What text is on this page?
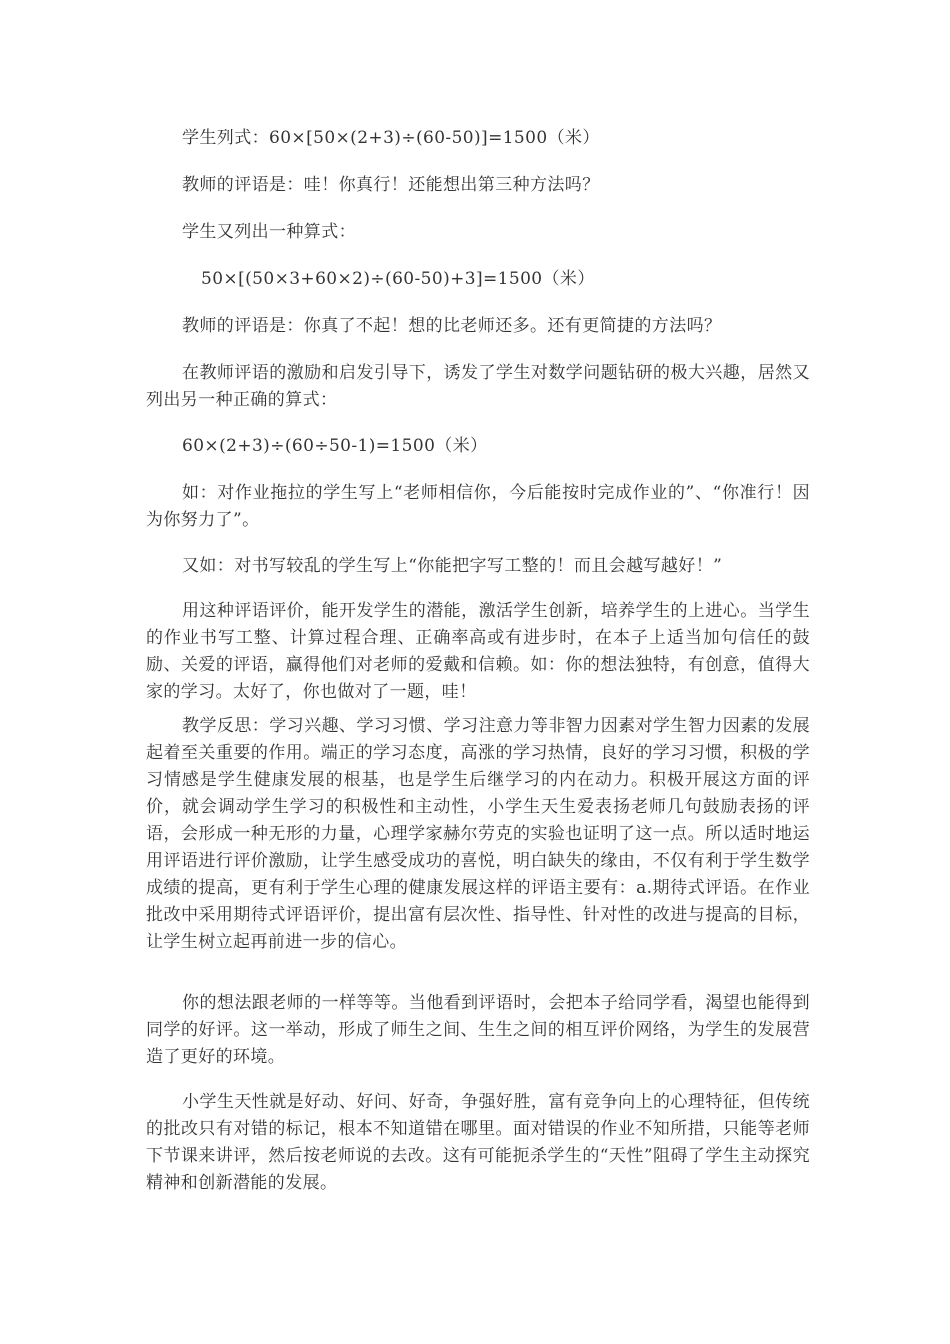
学生列式：60×[50×(2+3)÷(60-50)]=1500（米）

教师的评语是：哇！你真行！还能想出第三种方法吗？

学生又列出一种算式：

50×[(50×3+60×2)÷(60-50)+3]=1500（米）

教师的评语是：你真了不起！想的比老师还多。还有更简捷的方法吗？

在教师评语的激励和启发引导下，诱发了学生对数学问题钻研的极大兴趣，居然又列出另一种正确的算式：

60×(2+3)÷(60÷50-1)=1500（米）

如：对作业拖拉的学生写上“老师相信你，今后能按时完成作业的”、“你准行！因为你努力了”。

又如：对书写较乱的学生写上“你能把字写工整的！而且会越写越好！”

用这种评语评价，能开发学生的潜能，激活学生创新，培养学生的上进心。当学生的作业书写工整、计算过程合理、正确率高或有进步时，在本子上适当加句信任的鼓励、关爱的评语，赢得他们对老师的爱戴和信赖。如：你的想法独特，有创意，值得大家的学习。太好了，你也做对了一题，哇！

教学反思：学习兴趣、学习习惯、学习注意力等非智力因素对学生智力因素的发展起着至关重要的作用。端正的学习态度，高涨的学习热情，良好的学习习惯，积极的学习情感是学生健康发展的根基，也是学生后继学习的内在动力。积极开展这方面的评价，就会调动学生学习的积极性和主动性，小学生天生爱表扬老师几句鼓励表扬的评语，会形成一种无形的力量，心理学家赫尔劳克的实验也证明了这一点。所以适时地运用评语进行评价激励，让学生感受成功的喜悦，明白缺失的缘由，不仅有利于学生数学成绩的提高，更有利于学生心理的健康发展这样的评语主要有：a.期待式评语。在作业批改中采用期待式评语评价，提出富有层次性、指导性、针对性的改进与提高的目标，让学生树立起再前进一步的信心。

你的想法跟老师的一样等等。当他看到评语时，会把本子给同学看，渴望也能得到同学的好评。这一举动，形成了师生之间、生生之间的相互评价网络，为学生的发展营造了更好的环境。

小学生天性就是好动、好问、好奇，争强好胜，富有竞争向上的心理特征，但传统的批改只有对错的标记，根本不知道错在哪里。面对错误的作业不知所措，只能等老师下节课来讲评，然后按老师说的去改。这有可能扼杀学生的“天性”阻碍了学生主动探究精神和创新潜能的发展。
